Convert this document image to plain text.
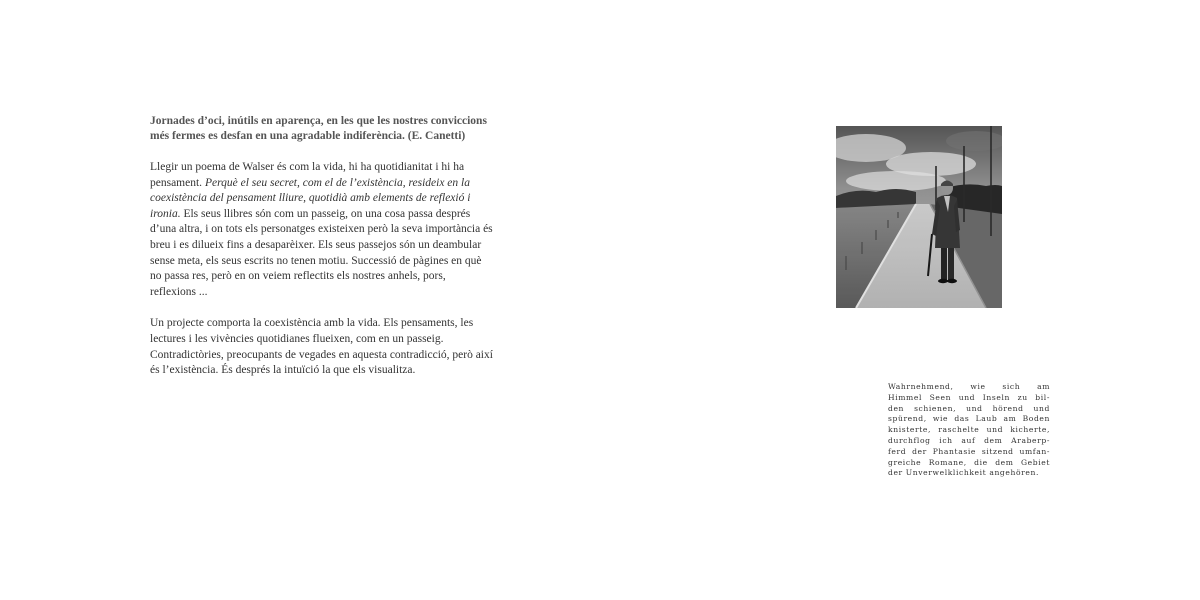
Jornades d’oci, inútils en aparença, en les que les nostres conviccions més fermes es desfan en una agradable indiferència. (E. Canetti)

Llegir un poema de Walser és com la vida, hi ha quotidianitat i hi ha pensament. Perquè el seu secret, com el de l’existència, resideix en la coexistència del pensament lliure, quotidià amb elements de reflexió i ironia. Els seus llibres són com un passeig, on una cosa passa després d’una altra, i on tots els personatges existeixen però la seva importància és breu i es dilueix fins a desaparèixer. Els seus passejos són un deambular sense meta, els seus escrits no tenen motiu. Successió de pàgines en què no passa res, però en on veiem reflectits els nostres anhels, pors, reflexions ...

Un projecte comporta la coexistència amb la vida. Els pensaments, les lectures i les vivències quotidianes flueixen, com en un passeig. Contradictòries, preocupants de vegades en aquesta contradicció, però així és l’existència. És després la intuïció la que els visualitza.

Wahrnehmend, wie sich am
Himmel Seen und Inseln zu bil-
den schienen, und hörend und
spürend, wie das Laub am Boden
knisterte, raschelte und kicherte,
durchflog ich auf dem Araberp-
ferd der Phantasie sitzend umfan-
greiche Romane, die dem Gebiet
der Unverwelklichkeit angehören.
